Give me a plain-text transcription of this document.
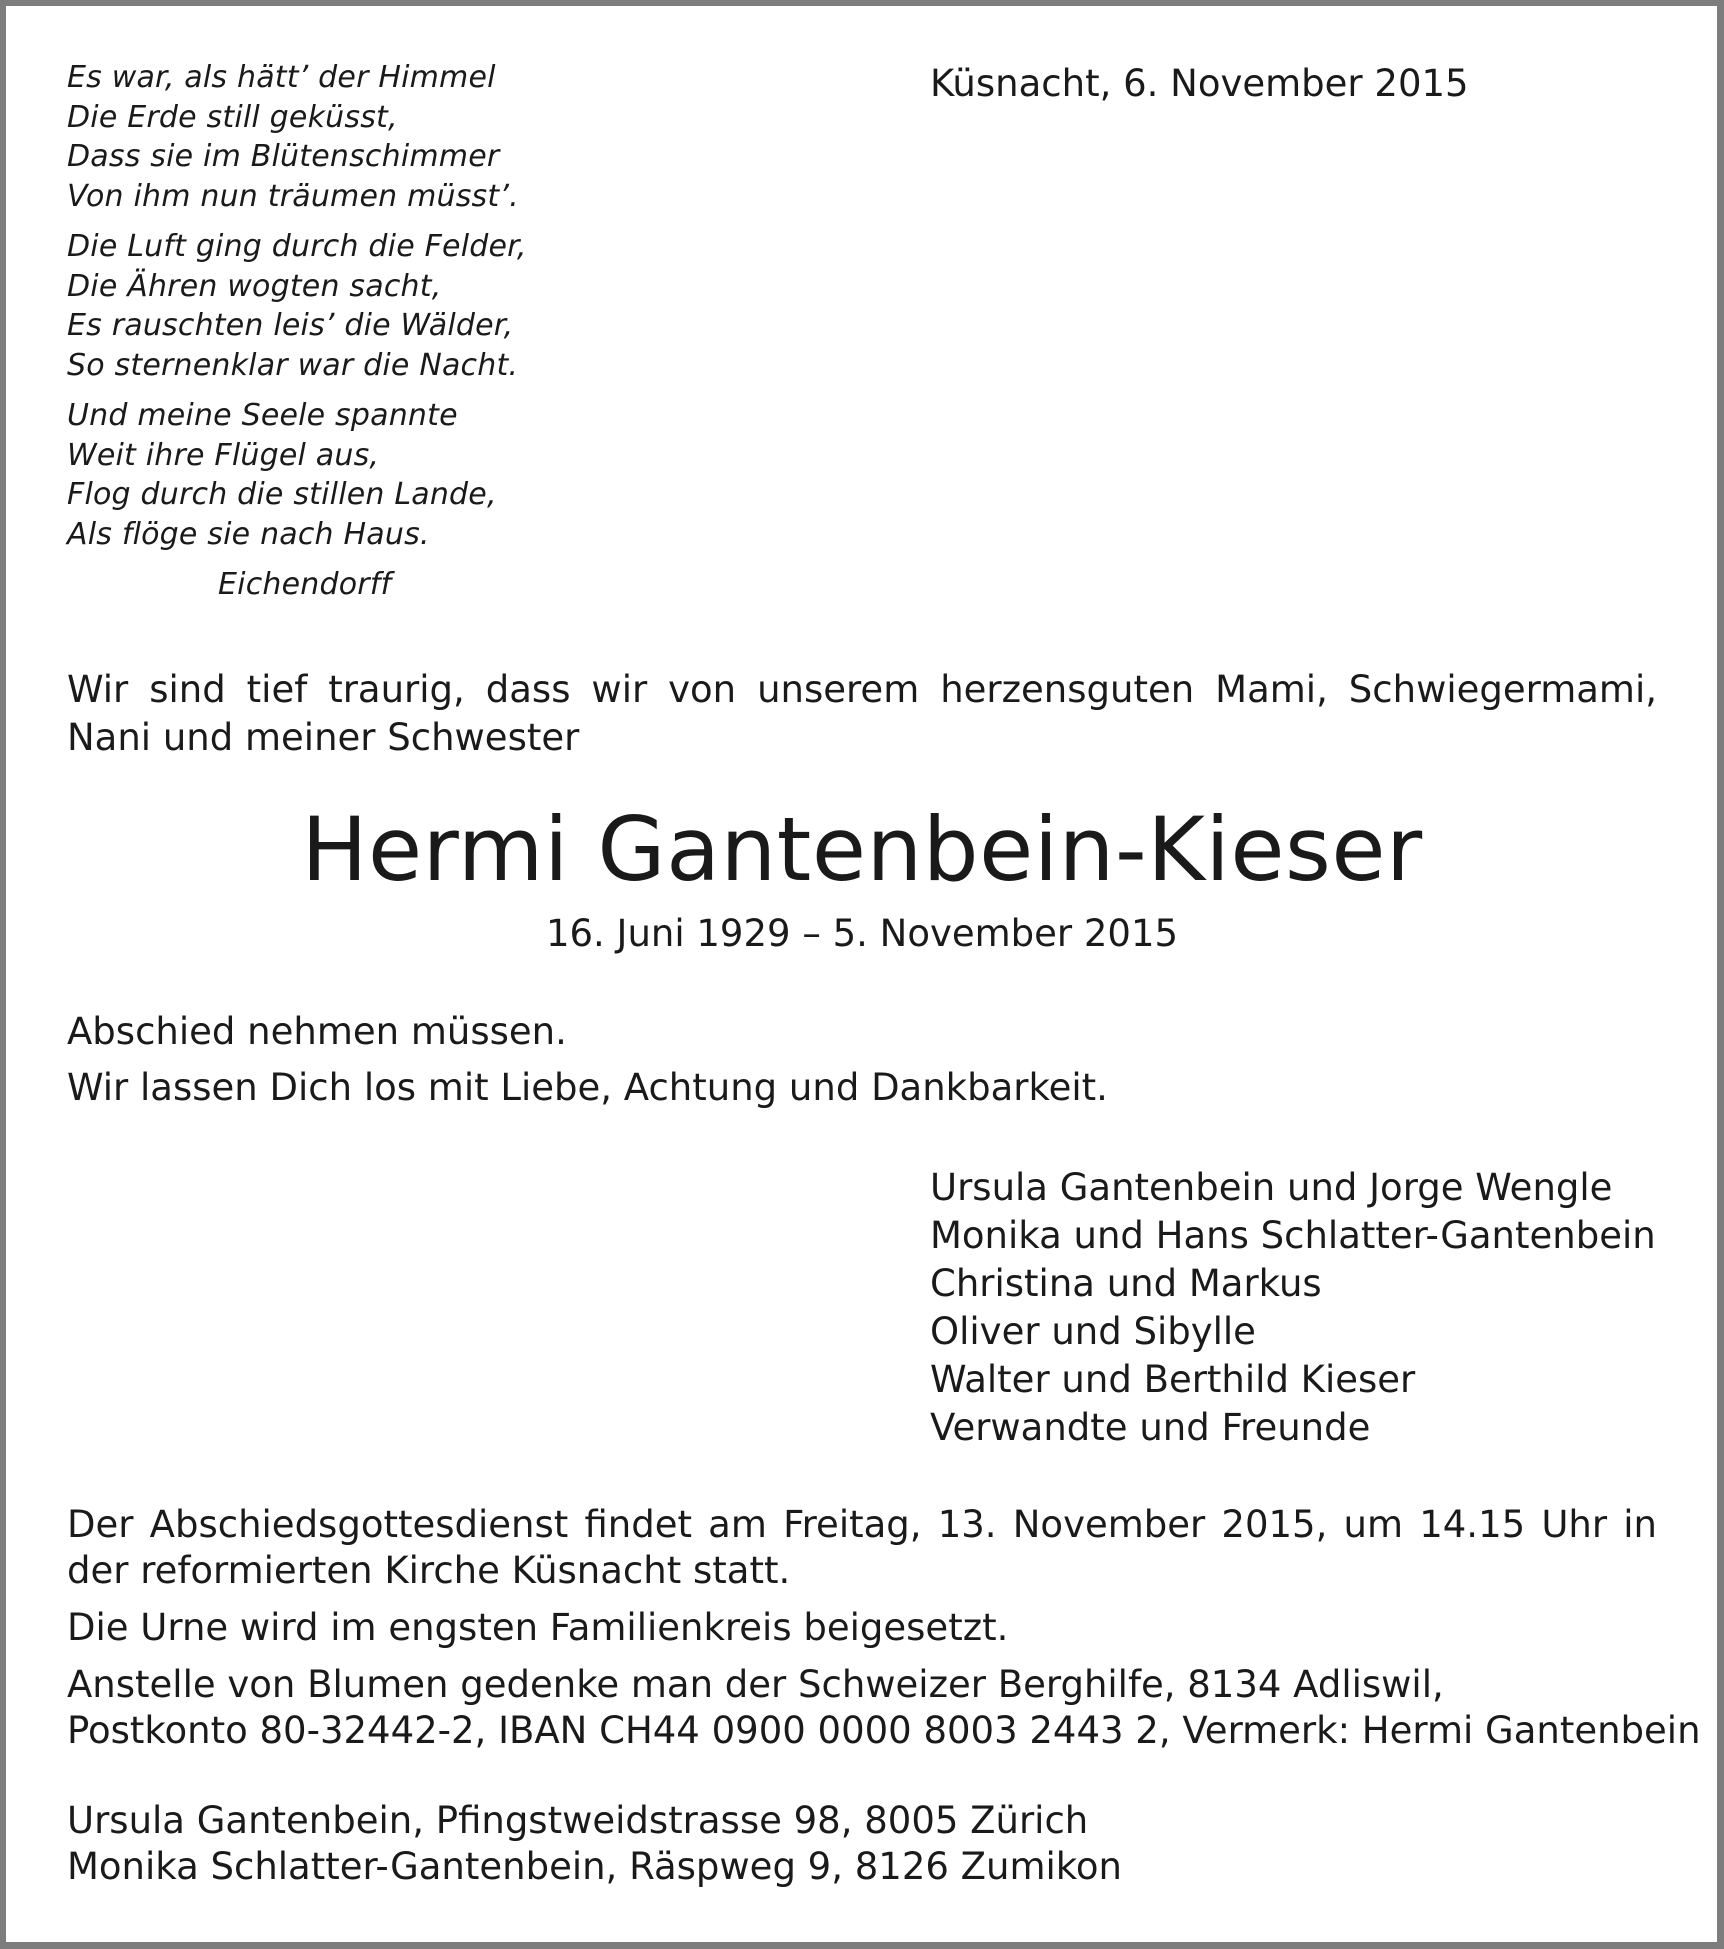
Es war, als hätt’ der Himmel
Die Erde still geküsst,
Dass sie im Blütenschimmer
Von ihm nun träumen müsst’.
Die Luft ging durch die Felder,
Die Ähren wogten sacht,
Es rauschten leis’ die Wälder,
So sternenklar war die Nacht.
Und meine Seele spannte
Weit ihre Flügel aus,
Flog durch die stillen Lande,
Als flöge sie nach Haus.
Eichendorff
Küsnacht, 6. November 2015

Wir sind tief traurig, dass wir von unserem herzensguten Mami, Schwiegermami, Nani und meiner Schwester

Hermi Gantenbein-Kieser
16. Juni 1929 – 5. November 2015

Abschied nehmen müssen.

Wir lassen Dich los mit Liebe, Achtung und Dankbarkeit.

Ursula Gantenbein und Jorge Wengle
Monika und Hans Schlatter-Gantenbein
Christina und Markus
Oliver und Sibylle
Walter und Berthild Kieser
Verwandte und Freunde

Der Abschiedsgottesdienst findet am Freitag, 13. November 2015, um 14.15 Uhr in der reformierten Kirche Küsnacht statt.

Die Urne wird im engsten Familienkreis beigesetzt.

Anstelle von Blumen gedenke man der Schweizer Berghilfe, 8134 Adliswil,
Postkonto 80-32442-2, IBAN CH44 0900 0000 8003 2443 2, Vermerk: Hermi Gantenbein

Ursula Gantenbein, Pfingstweidstrasse 98, 8005 Zürich
Monika Schlatter-Gantenbein, Räspweg 9, 8126 Zumikon
